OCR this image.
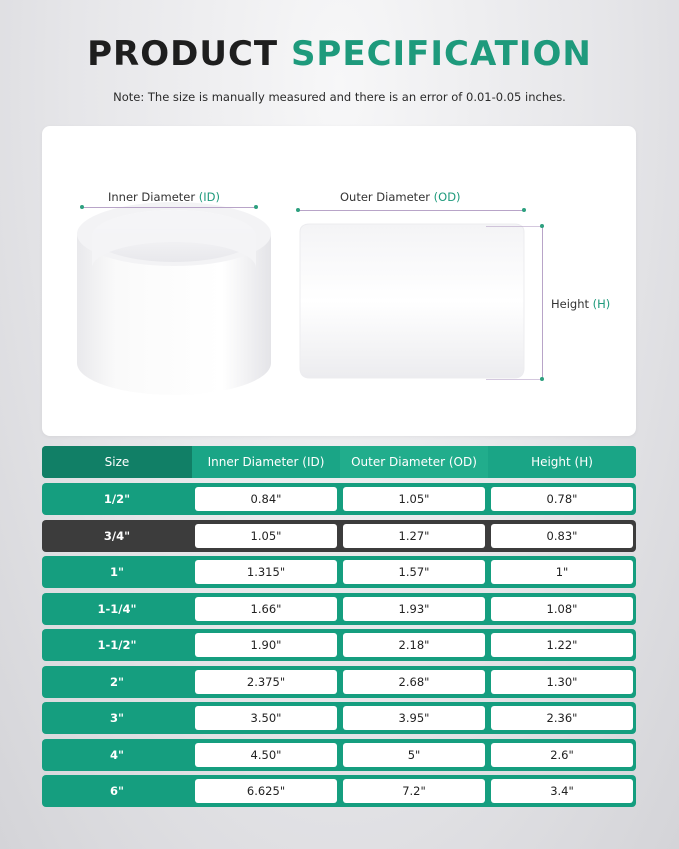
PRODUCT SPECIFICATION
Note: The size is manually measured and there is an error of 0.01-0.05 inches.
Inner Diameter (ID)	Outer Diameter (OD)
Height (H)
Size	Inner Diameter (ID)	Outer Diameter (OD)	Height (H)
1/2"	0.84"	1.05"	0.78"
3/4"	1.05"	1.27"	0.83"
1"	1.315"	1.57"	1"
1-1/4"	1.66"	1.93"	1.08"
1-1/2"	1.90"	2.18"	1.22"
2"	2.375"	2.68"	1.30"
3"	3.50"	3.95"	2.36"
4"	4.50"	5"	2.6"
6"	6.625"	7.2"	3.4"
